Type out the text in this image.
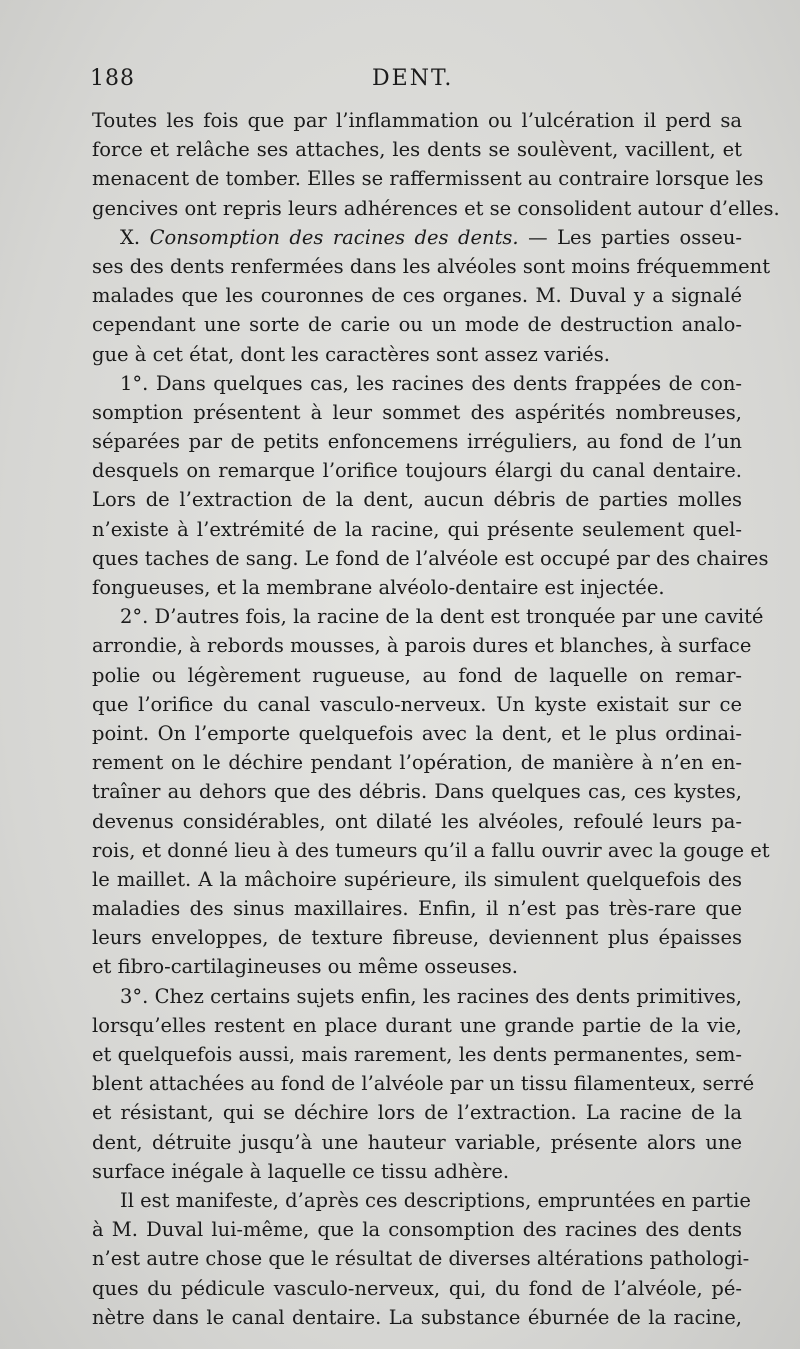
188	DENT.
Toutes les fois que par l’inflammation ou l’ulcération il perd sa
force et relâche ses attaches, les dents se soulèvent, vacillent, et
menacent de tomber. Elles se raffermissent au contraire lorsque les
gencives ont repris leurs adhérences et se consolident autour d’elles.
X. Consomption des racines des dents. — Les parties osseu-
ses des dents renfermées dans les alvéoles sont moins fréquemment
malades que les couronnes de ces organes. M. Duval y a signalé
cependant une sorte de carie ou un mode de destruction analo-
gue à cet état, dont les caractères sont assez variés.
1°. Dans quelques cas, les racines des dents frappées de con-
somption présentent à leur sommet des aspérités nombreuses,
séparées par de petits enfoncemens irréguliers, au fond de l’un
desquels on remarque l’orifice toujours élargi du canal dentaire.
Lors de l’extraction de la dent, aucun débris de parties molles
n’existe à l’extrémité de la racine, qui présente seulement quel-
ques taches de sang. Le fond de l’alvéole est occupé par des chaires
fongueuses, et la membrane alvéolo-dentaire est injectée.
2°. D’autres fois, la racine de la dent est tronquée par une cavité
arrondie, à rebords mousses, à parois dures et blanches, à surface
polie ou légèrement rugueuse, au fond de laquelle on remar-
que l’orifice du canal vasculo-nerveux. Un kyste existait sur ce
point. On l’emporte quelquefois avec la dent, et le plus ordinai-
rement on le déchire pendant l’opération, de manière à n’en en-
traîner au dehors que des débris. Dans quelques cas, ces kystes,
devenus considérables, ont dilaté les alvéoles, refoulé leurs pa-
rois, et donné lieu à des tumeurs qu’il a fallu ouvrir avec la gouge et
le maillet. A la mâchoire supérieure, ils simulent quelquefois des
maladies des sinus maxillaires. Enfin, il n’est pas très-rare que
leurs enveloppes, de texture fibreuse, deviennent plus épaisses
et fibro-cartilagineuses ou même osseuses.
3°. Chez certains sujets enfin, les racines des dents primitives,
lorsqu’elles restent en place durant une grande partie de la vie,
et quelquefois aussi, mais rarement, les dents permanentes, sem-
blent attachées au fond de l’alvéole par un tissu filamenteux, serré
et résistant, qui se déchire lors de l’extraction. La racine de la
dent, détruite jusqu’à une hauteur variable, présente alors une
surface inégale à laquelle ce tissu adhère.
Il est manifeste, d’après ces descriptions, empruntées en partie
à M. Duval lui-même, que la consomption des racines des dents
n’est autre chose que le résultat de diverses altérations pathologi-
ques du pédicule vasculo-nerveux, qui, du fond de l’alvéole, pé-
nètre dans le canal dentaire. La substance éburnée de la racine,
